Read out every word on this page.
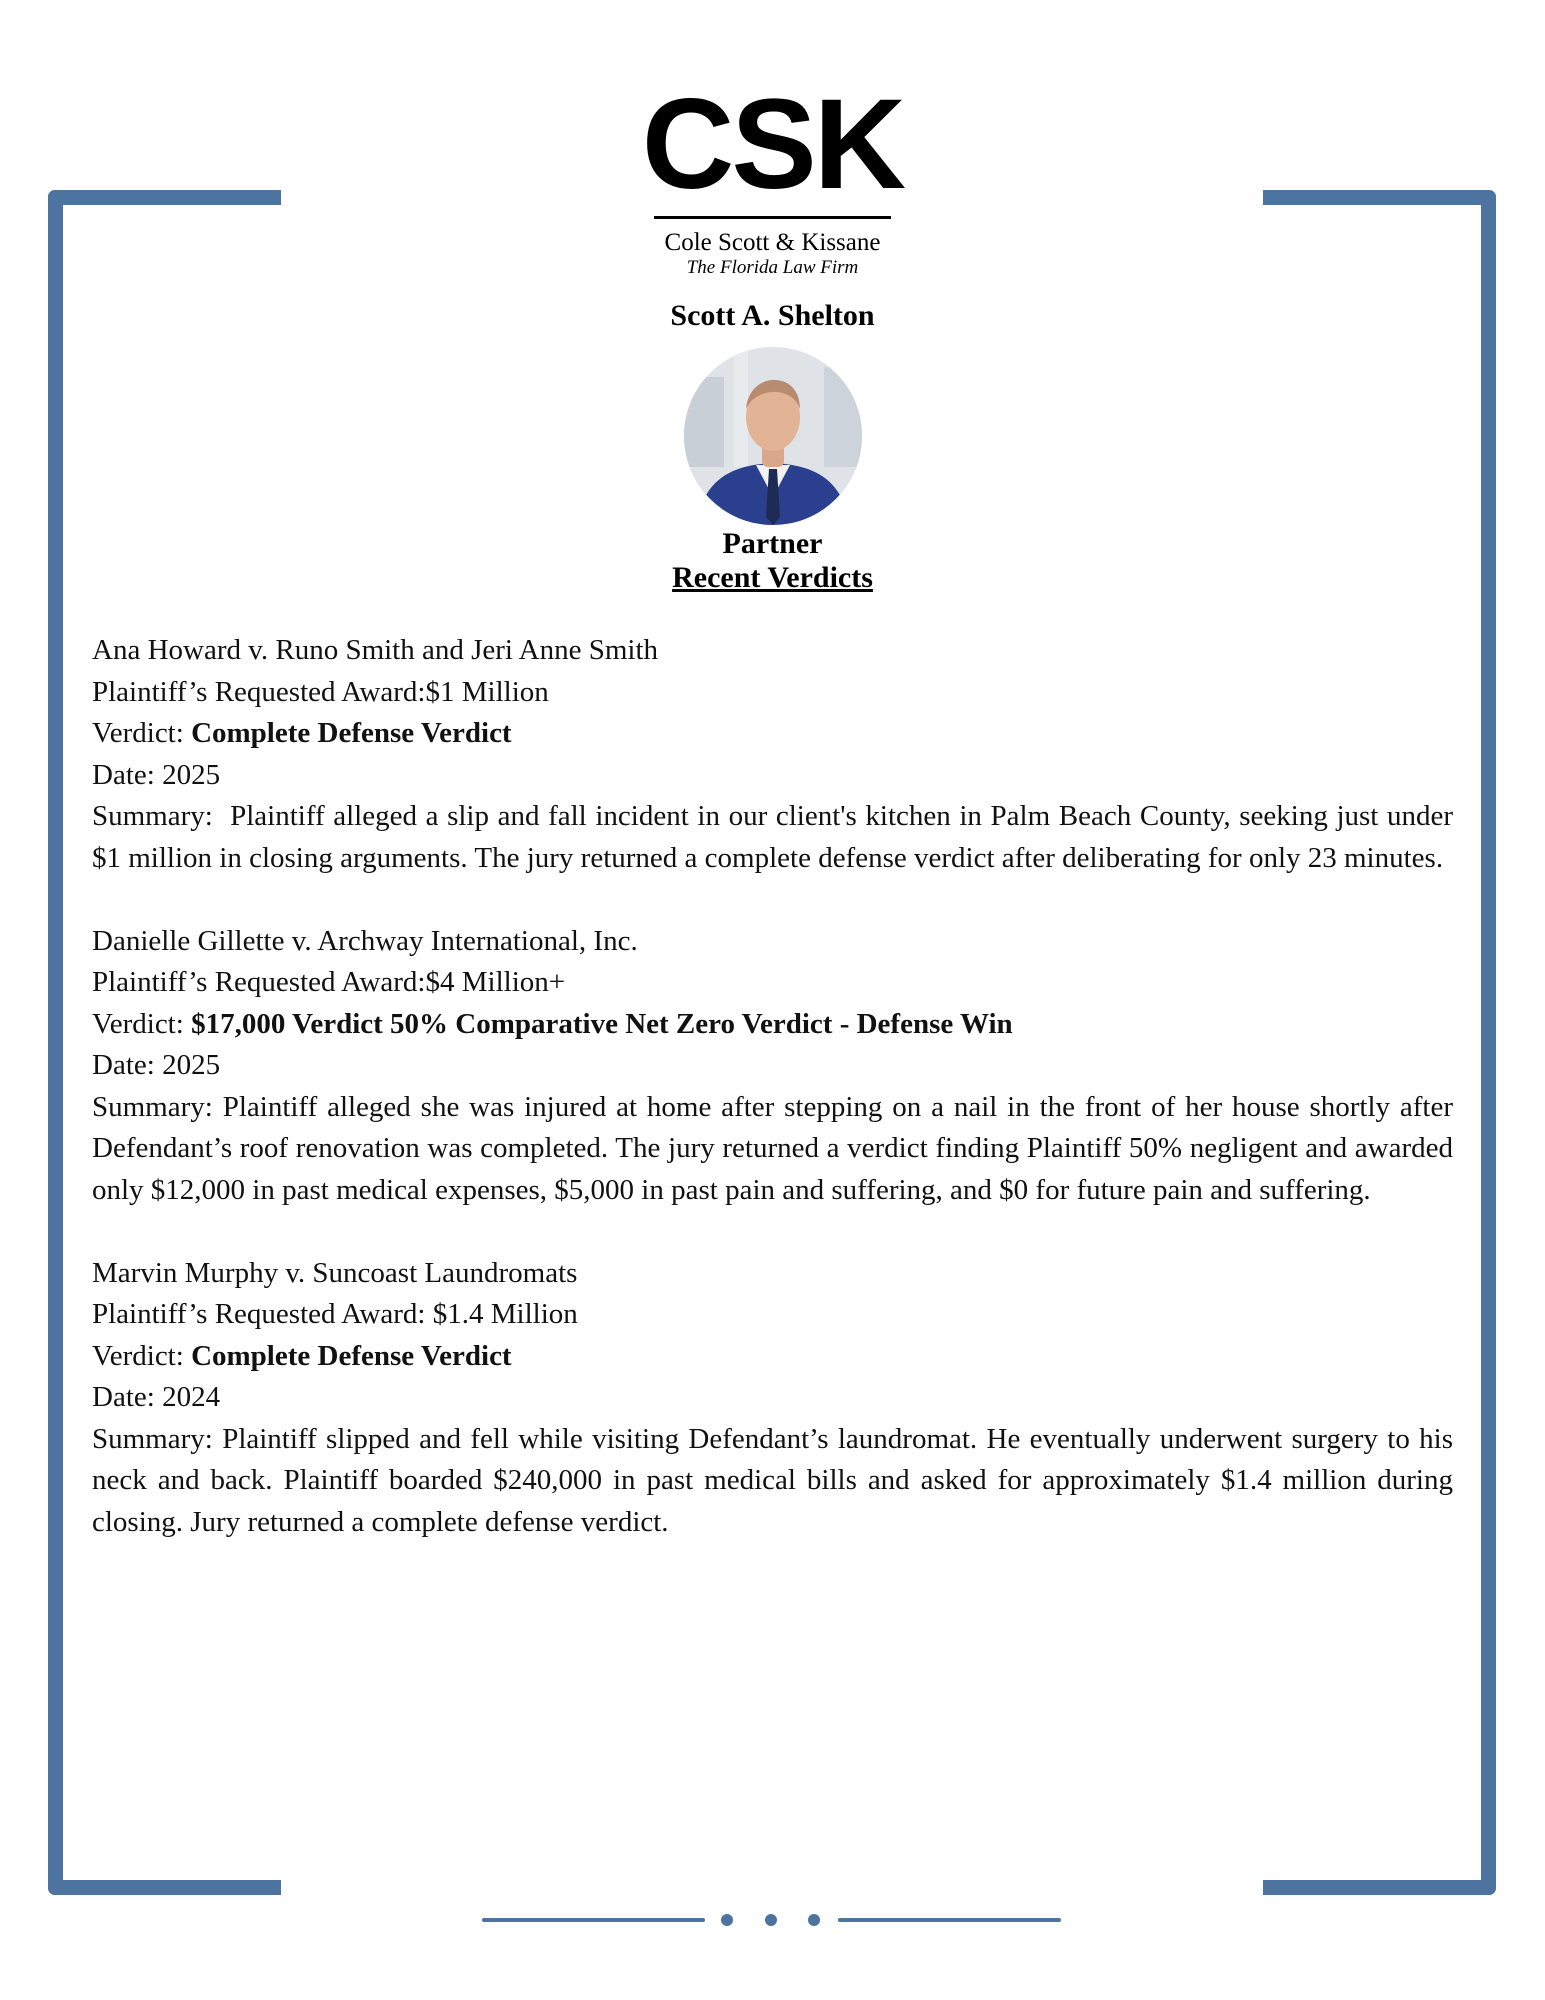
CSK
Cole Scott & Kissane
The Florida Law Firm
Scott A. Shelton
Partner
Recent Verdicts

Ana Howard v. Runo Smith and Jeri Anne Smith

Plaintiff’s Requested Award:$1 Million

Verdict: Complete Defense Verdict

Date: 2025

Summary: Plaintiff alleged a slip and fall incident in our client's kitchen in Palm Beach County, seeking just under $1 million in closing arguments. The jury returned a complete defense verdict after deliberating for only 23 minutes.

Danielle Gillette v. Archway International, Inc.

Plaintiff’s Requested Award:$4 Million+

Verdict: $17,000 Verdict 50% Comparative Net Zero Verdict - Defense Win

Date: 2025

Summary: Plaintiff alleged she was injured at home after stepping on a nail in the front of her house shortly after Defendant’s roof renovation was completed. The jury returned a verdict finding Plaintiff 50% negligent and awarded only $12,000 in past medical expenses, $5,000 in past pain and suffering, and $0 for future pain and suffering.

Marvin Murphy v. Suncoast Laundromats

Plaintiff’s Requested Award: $1.4 Million

Verdict: Complete Defense Verdict

Date: 2024

Summary: Plaintiff slipped and fell while visiting Defendant’s laundromat. He eventually underwent surgery to his neck and back. Plaintiff boarded $240,000 in past medical bills and asked for approximately $1.4 million during closing. Jury returned a complete defense verdict.
